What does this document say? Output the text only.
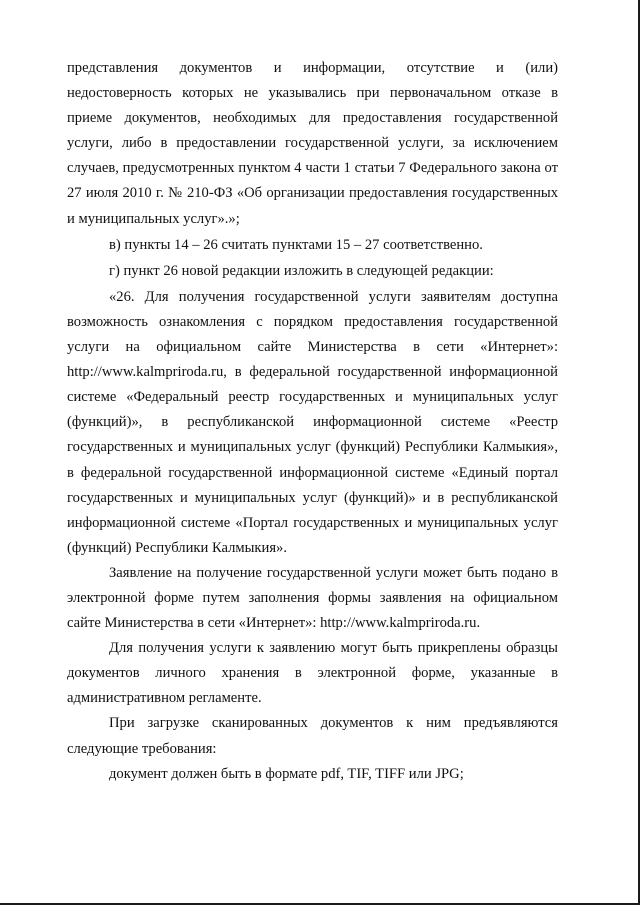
представления документов и информации, отсутствие и (или) недостоверность которых не указывались при первоначальном отказе в приеме документов, необходимых для предоставления государственной услуги, либо в предоставлении государственной услуги, за исключением случаев, предусмотренных пунктом 4 части 1 статьи 7 Федерального закона от 27 июля 2010 г. № 210-ФЗ «Об организации предоставления государственных и муниципальных услуг».»;

в) пункты 14 – 26 считать пунктами 15 – 27 соответственно.

г) пункт 26 новой редакции изложить в следующей редакции:

«26. Для получения государственной услуги заявителям доступна возможность ознакомления с порядком предоставления государственной услуги на официальном сайте Министерства в сети «Интернет»: http://www.kalmpriroda.ru, в федеральной государственной информационной системе «Федеральный реестр государственных и муниципальных услуг (функций)», в республиканской информационной системе «Реестр государственных и муниципальных услуг (функций) Республики Калмыкия», в федеральной государственной информационной системе «Единый портал государственных и муниципальных услуг (функций)» и в республиканской информационной системе «Портал государственных и муниципальных услуг (функций) Республики Калмыкия».

Заявление на получение государственной услуги может быть подано в электронной форме путем заполнения формы заявления на официальном сайте Министерства в сети «Интернет»: http://www.kalmpriroda.ru.

Для получения услуги к заявлению могут быть прикреплены образцы документов личного хранения в электронной форме, указанные в административном регламенте.

При загрузке сканированных документов к ним предъявляются следующие требования:

документ должен быть в формате pdf, TIF, TIFF или JPG;
